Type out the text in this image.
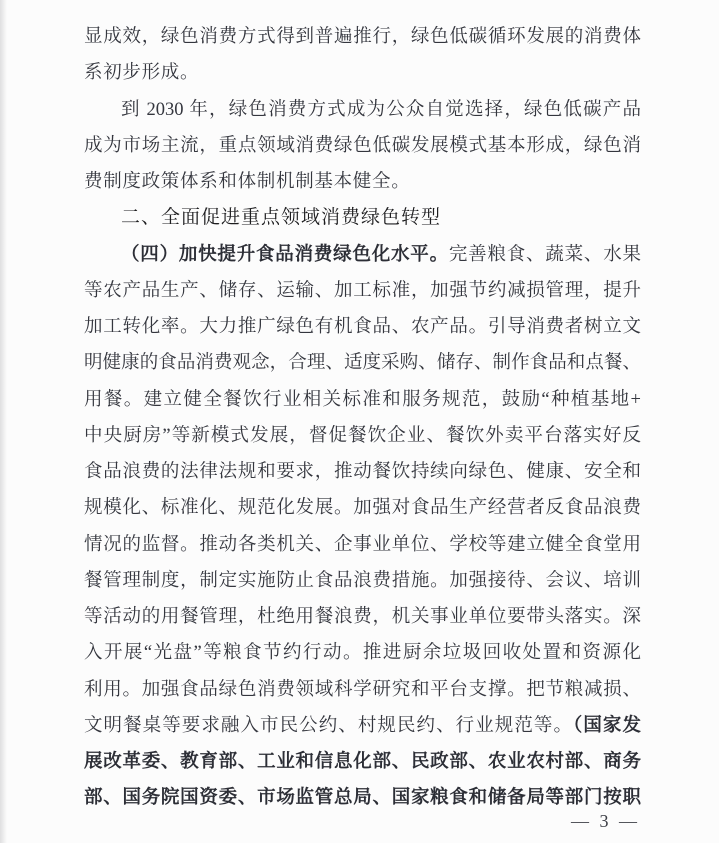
显成效，绿色消费方式得到普遍推行，绿色低碳循环发展的消费体
系初步形成。
到 2030 年，绿色消费方式成为公众自觉选择，绿色低碳产品
成为市场主流，重点领域消费绿色低碳发展模式基本形成，绿色消
费制度政策体系和体制机制基本健全。
二、全面促进重点领域消费绿色转型
（四）加快提升食品消费绿色化水平。完善粮食、蔬菜、水果
等农产品生产、储存、运输、加工标准，加强节约减损管理，提升
加工转化率。大力推广绿色有机食品、农产品。引导消费者树立文
明健康的食品消费观念，合理、适度采购、储存、制作食品和点餐、
用餐。建立健全餐饮行业相关标准和服务规范，鼓励“种植基地+
中央厨房”等新模式发展，督促餐饮企业、餐饮外卖平台落实好反
食品浪费的法律法规和要求，推动餐饮持续向绿色、健康、安全和
规模化、标准化、规范化发展。加强对食品生产经营者反食品浪费
情况的监督。推动各类机关、企事业单位、学校等建立健全食堂用
餐管理制度，制定实施防止食品浪费措施。加强接待、会议、培训
等活动的用餐管理，杜绝用餐浪费，机关事业单位要带头落实。深
入开展“光盘”等粮食节约行动。推进厨余垃圾回收处置和资源化
利用。加强食品绿色消费领域科学研究和平台支撑。把节粮减损、
文明餐桌等要求融入市民公约、村规民约、行业规范等。（国家发
展改革委、教育部、工业和信息化部、民政部、农业农村部、商务
部、国务院国资委、市场监管总局、国家粮食和储备局等部门按职
— 3 —
